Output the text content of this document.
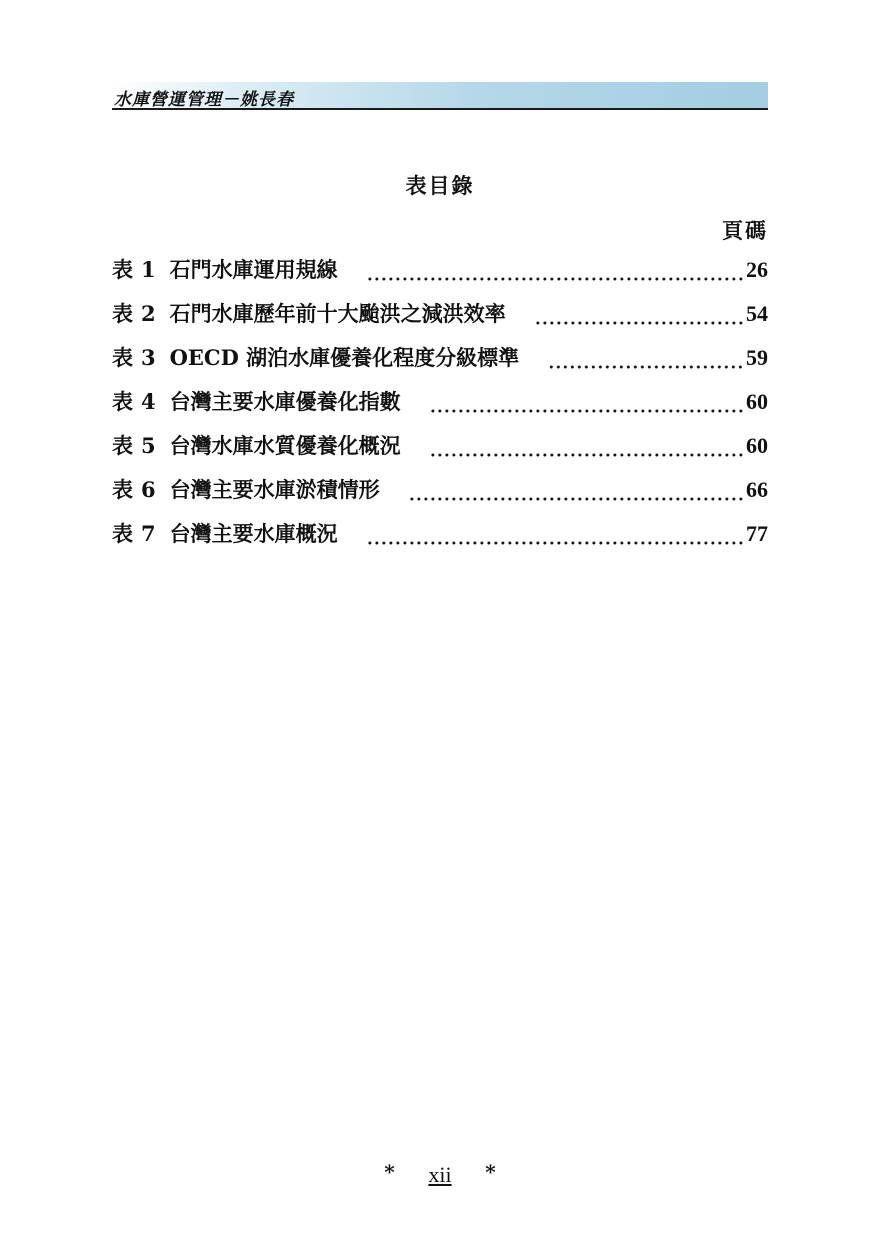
水庫營運管理－姚長春
表目錄
頁碼
表 1 石門水庫運用規線	26
表 2 石門水庫歷年前十大颱洪之減洪效率	54
表 3 OECD 湖泊水庫優養化程度分級標準	59
表 4 台灣主要水庫優養化指數	60
表 5 台灣水庫水質優養化概況	60
表 6 台灣主要水庫淤積情形	66
表 7 台灣主要水庫概況	77
* xii *
